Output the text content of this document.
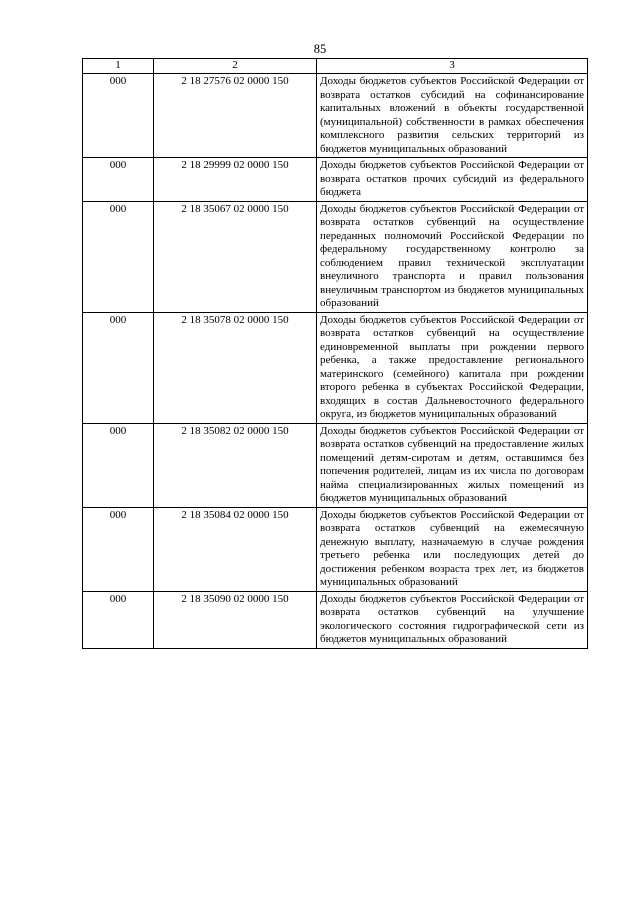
85
1	2	3
000	2 18 27576 02 0000 150	Доходы бюджетов субъектов Российской Федерации от возврата остатков субсидий на софинансирование капитальных вложений в объекты государственной (муниципальной) собственности в рамках обеспечения комплексного развития сельских территорий из бюджетов муниципальных образований
000	2 18 29999 02 0000 150	Доходы бюджетов субъектов Российской Федерации от возврата остатков прочих субсидий из федерального бюджета
000	2 18 35067 02 0000 150	Доходы бюджетов субъектов Российской Федерации от возврата остатков субвенций на осуществление переданных полномочий Российской Федерации по федеральному государственному контролю за соблюдением правил технической эксплуатации внеуличного транспорта и правил пользования внеуличным транспортом из бюджетов муниципальных образований
000	2 18 35078 02 0000 150	Доходы бюджетов субъектов Российской Федерации от возврата остатков субвенций на осуществление единовременной выплаты при рождении первого ребенка, а также предоставление регионального материнского (семейного) капитала при рождении второго ребенка в субъектах Российской Федерации, входящих в состав Дальневосточного федерального округа, из бюджетов муниципальных образований
000	2 18 35082 02 0000 150	Доходы бюджетов субъектов Российской Федерации от возврата остатков субвенций на предоставление жилых помещений детям-сиротам и детям, оставшимся без попечения родителей, лицам из их числа по договорам найма специализированных жилых помещений из бюджетов муниципальных образований
000	2 18 35084 02 0000 150	Доходы бюджетов субъектов Российской Федерации от возврата остатков субвенций на ежемесячную денежную выплату, назначаемую в случае рождения третьего ребенка или последующих детей до достижения ребенком возраста трех лет, из бюджетов муниципальных образований
000	2 18 35090 02 0000 150	Доходы бюджетов субъектов Российской Федерации от возврата остатков субвенций на улучшение экологического состояния гидрографической сети из бюджетов муниципальных образований
